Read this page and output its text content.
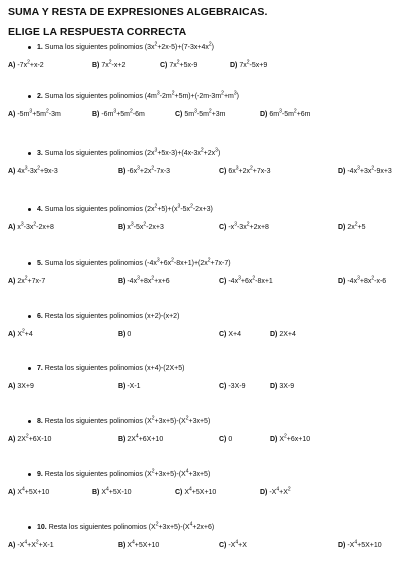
SUMA Y RESTA DE EXPRESIONES ALGEBRAICAS.
ELIGE LA RESPUESTA CORRECTA
1. Suma los siguientes polinomios $(3x^2+2x-5)+(7-3x+4x^2)$
A) $-7x^2+x-2$	B) $7x^2-x+2$	C) $7x^2+5x-9$	D) $7x^2-5x+9$
2. Suma los siguientes polinomios $(4m^3-2m^2+5m)+(-2m-3m^2+m^3)$
A) $-5m^3+5m^2-3m$	B) $-6m^3+5m^2-6m$	C) $5m^3-5m^2+3m$	D) $6m^3-5m^2+6m$
3. Suma los siguientes polinomios $(2x^3+5x-3)+(4x-3x^2+2x^3)$
A) $4x^3-3x^2+9x-3$	B) $-6x^3+2x^2-7x-3$	C) $6x^3+2x^2+7x-3$	D) $-4x^3+3x^2-9x+3$
4. Suma los siguientes polinomios $(2x^2+5)+(x^3-5x^2-2x+3)$
A) $x^3-3x^2-2x+8$	B) $x^3-5x^2-2x+3$	C) $-x^3-3x^2+2x+8$	D) $2x^2+5$
5. Suma los siguientes polinomios $(-4x^3+6x^2-8x+1)+(2x^2+7x-7)$
A) $2x^2+7x-7$	B) $-4x^3+8x^2+x+6$	C) $-4x^3+6x^2-8x+1$	D) $-4x^3+8x^2-x-6$
6. Resta los siguientes polinomios (x+2)-(x+2)
A) $X^2+4$	B) 0	C) X+4	D) 2X+4
7. Resta los siguientes polinomios (x+4)-(2X+5)
A) 3X+9	B) -X-1	C) -3X-9	D) 3X-9
8. Resta los siguientes polinomios $(X^2+3x+5)-(X^2+3x+5)$
A) $2X^2+6X-10$	B) $2X^4+6X+10$	C) 0	D) $X^2+6x+10$
9. Resta los siguientes polinomios $(X^2+3x+5)-(X^4+3x+5)$
A) $X^4+5X+10$	B) $X^4+5X-10$	C) $X^4+5X+10$	D) $-X^4+X^2$
10. Resta los siguientes polinomios $(X^2+3x+5)-(X^4+2x+6)$
A) $-X^4+X^2+X-1$	B) $X^4+5X+10$	C) $-X^4+X$	D) $-X^4+5X+10$
